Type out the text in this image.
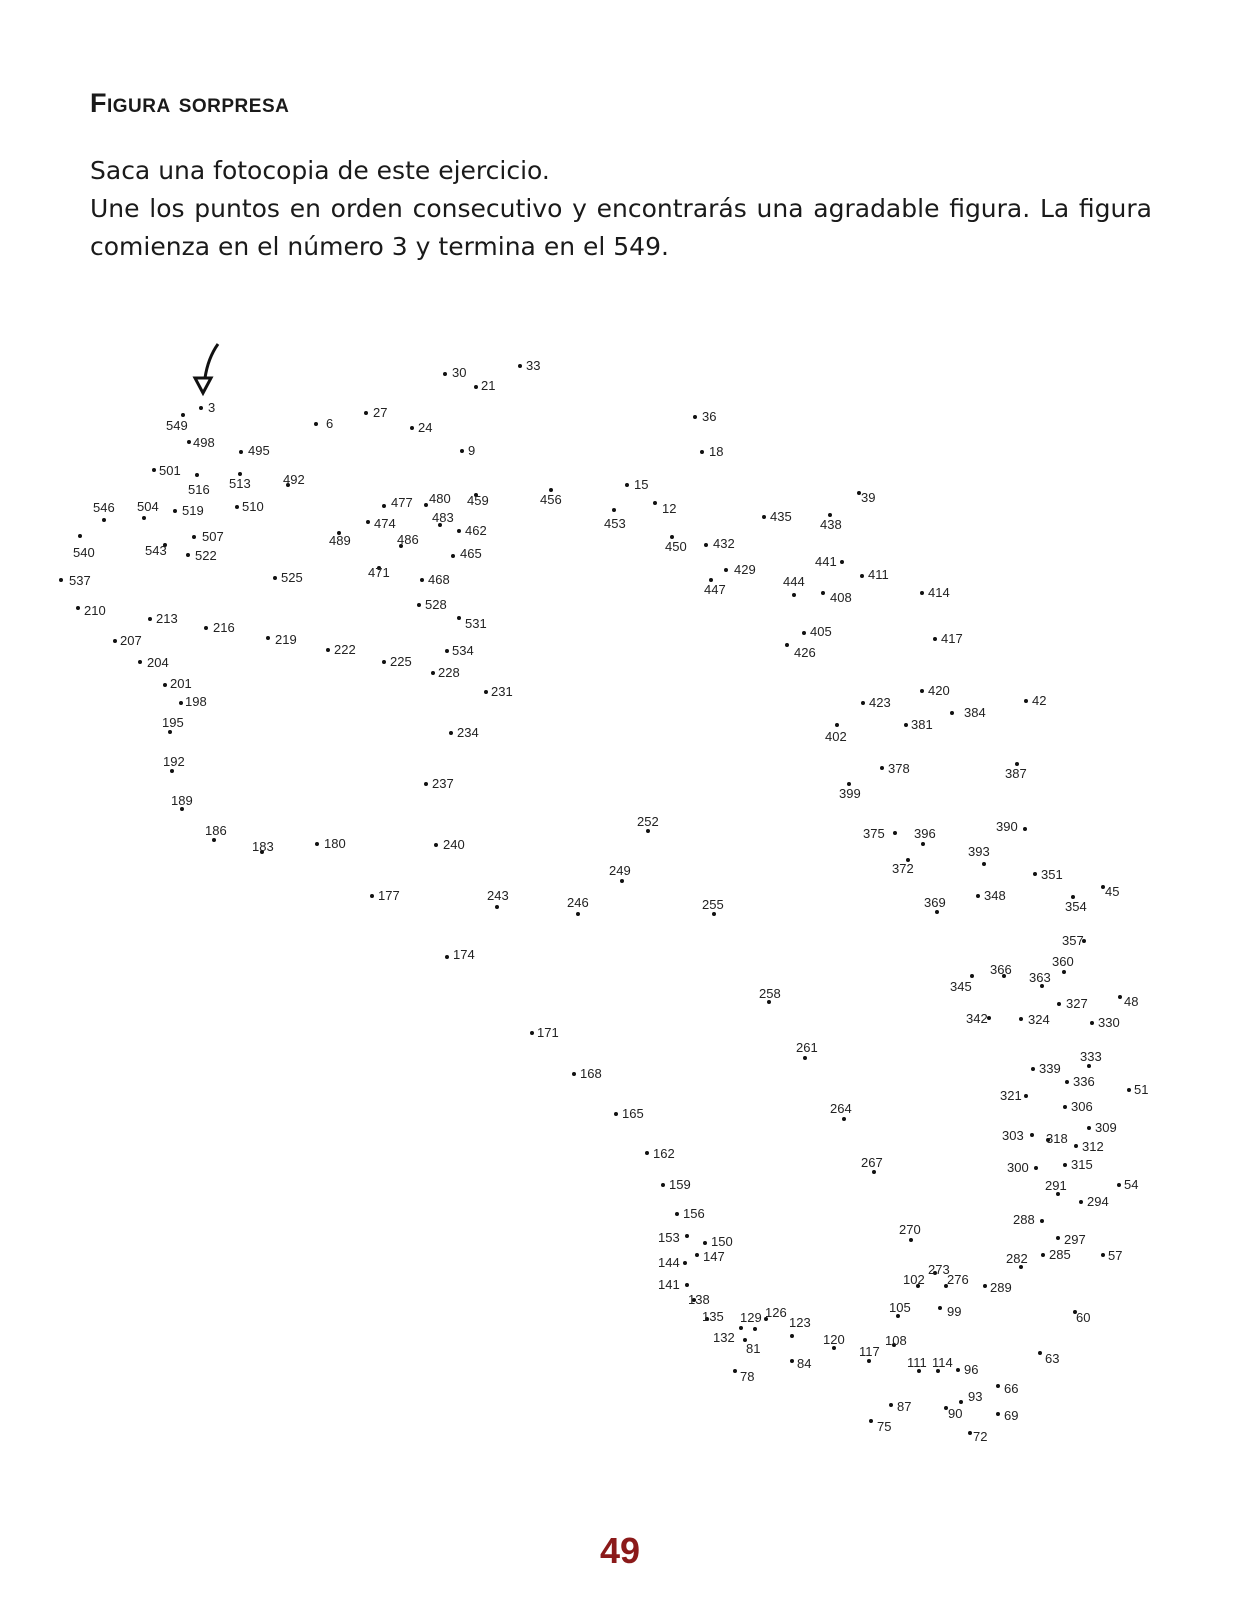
Figura sorpresa

Saca una fotocopia de este ejercicio.

Une los puntos en orden consecutivo y encontrarás una agradable figura. La figura comienza en el número 3 y termina en el 549.

3
549
498
495
501
516 513 492
546 504 519	510
540	543
507
522
537	525
210
213
216
207	219
204
201
198
195
192
189
186
183	180
6
27
24
9
30
21
33
477 480 459
474	483
462
489	486
465
471	468
528
531
222
225
534
228
231
234
237
240
177	243
174
456
15
12
453
450
36
18
432
429
447
435
438
39
441
444	411
408	414
405
426
417
423
420
402
381
384
42
378	387
399
375 396	390
393
372
369	348
351
354
45
252
249
246	255
357
360
366
345
363
327	48
342	324	330
258
261
171
168
165
162
159
156
153 150
147
144
141
138
135
132
81
78
129 126
123
84
120
117
108
105
102
99
111 114 96
273
276
289
270
264
267
339
336
333
321
306
51
309
303 318
312
300	315
291
294
54
288
297
285
282	57
60
63
66
93
90	69
72
87
75
49
